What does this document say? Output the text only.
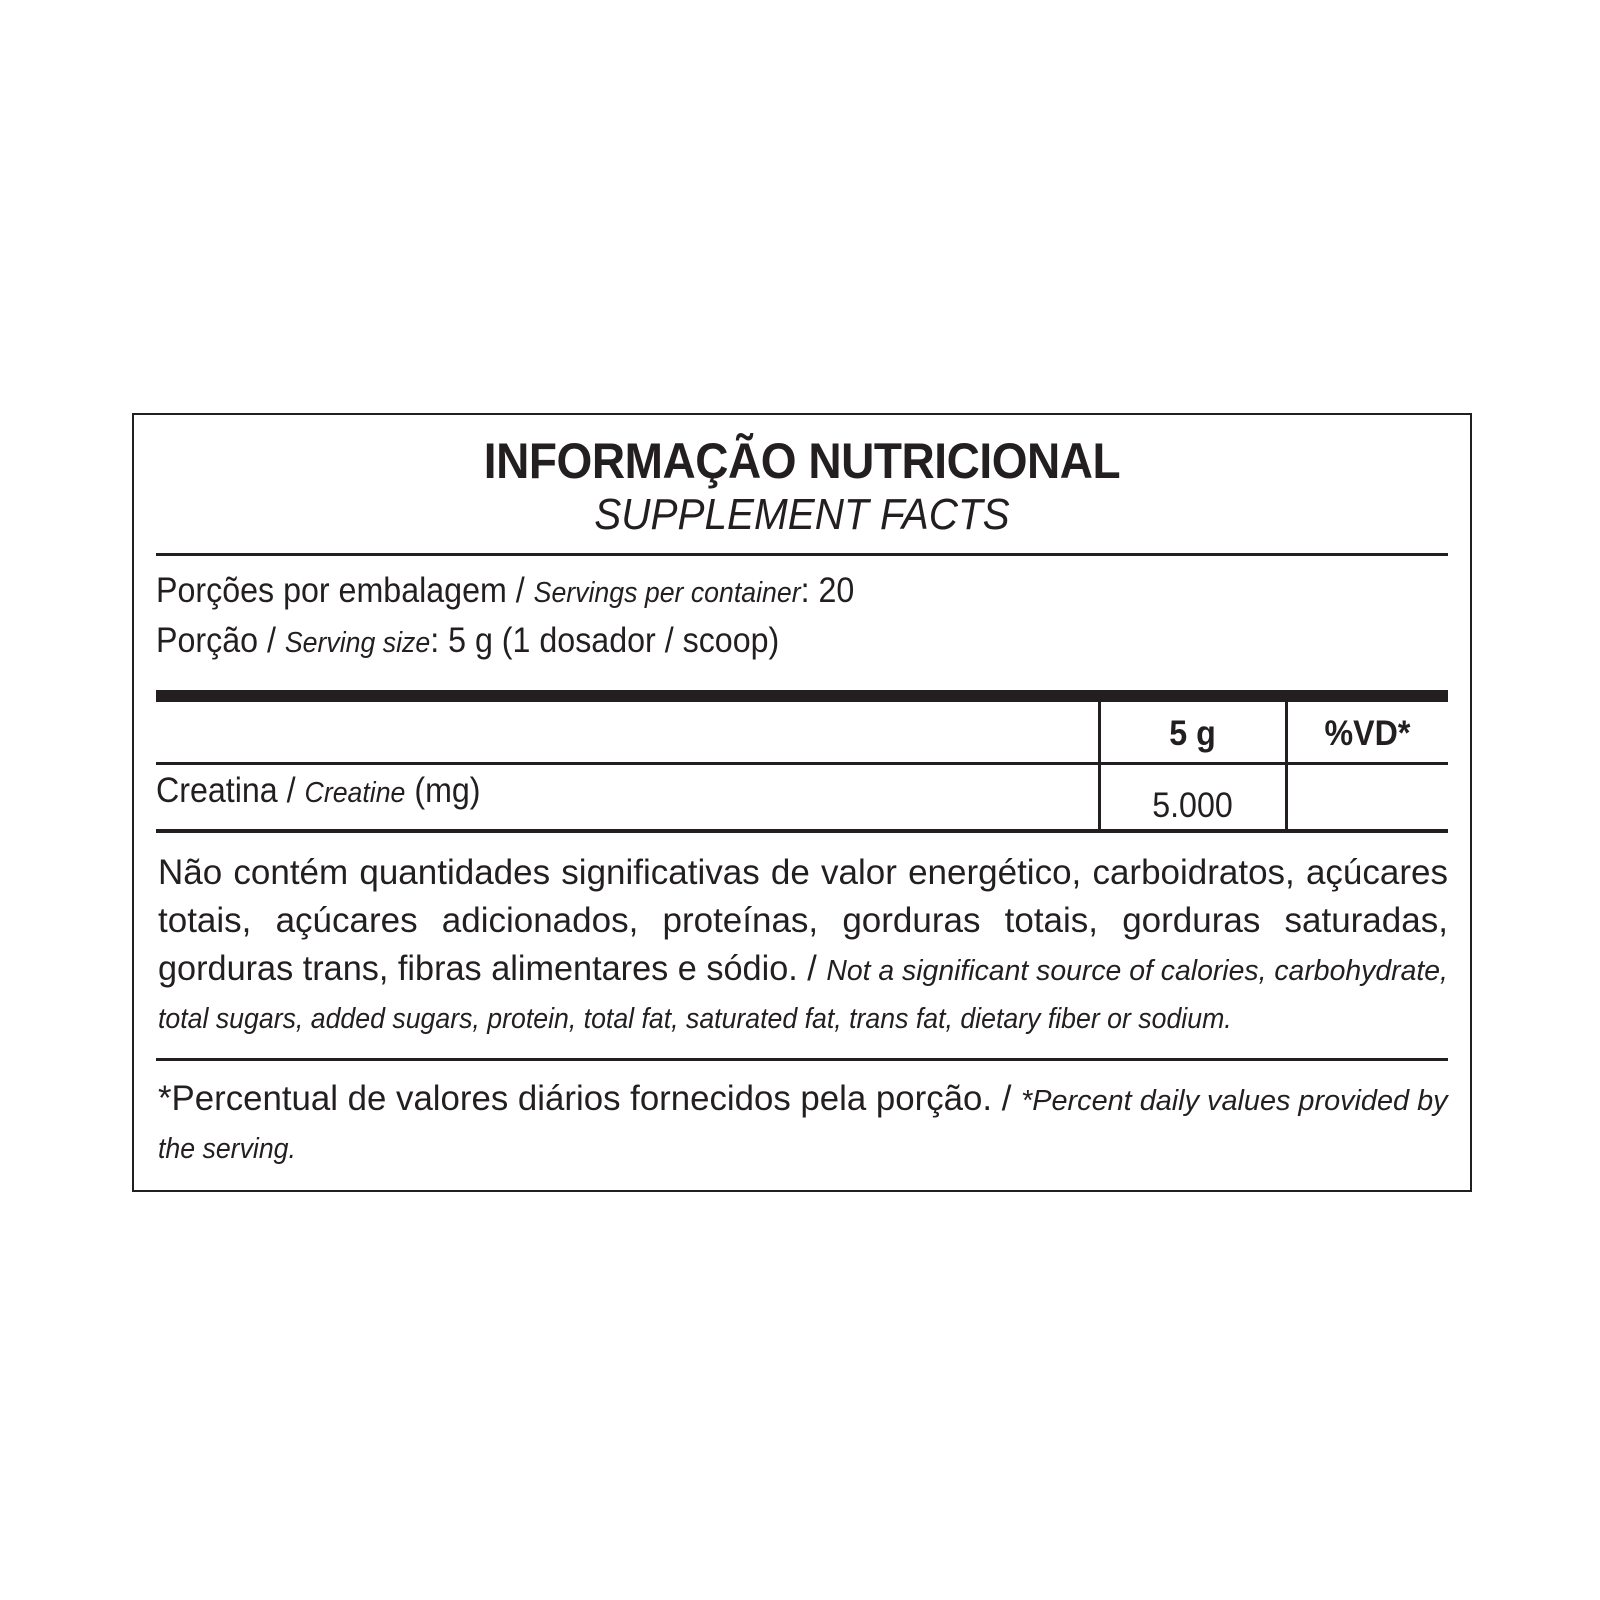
INFORMAÇÃO NUTRICIONAL
SUPPLEMENT FACTS
Porções por embalagem / Servings per container: 20
Porção / Serving size: 5 g (1 dosador / scoop)
5 g	%VD*
Creatina / Creatine (mg)	5.000
Não contém quantidades significativas de valor energético, carboidratos, açúcares
totais, açúcares adicionados, proteínas, gorduras totais, gorduras saturadas,
gorduras trans, fibras alimentares e sódio. / Not a significant source of calories, carbohydrate,
total sugars, added sugars, protein, total fat, saturated fat, trans fat, dietary fiber or sodium.
*Percentual de valores diários fornecidos pela porção. / *Percent daily values provided by
the serving.
